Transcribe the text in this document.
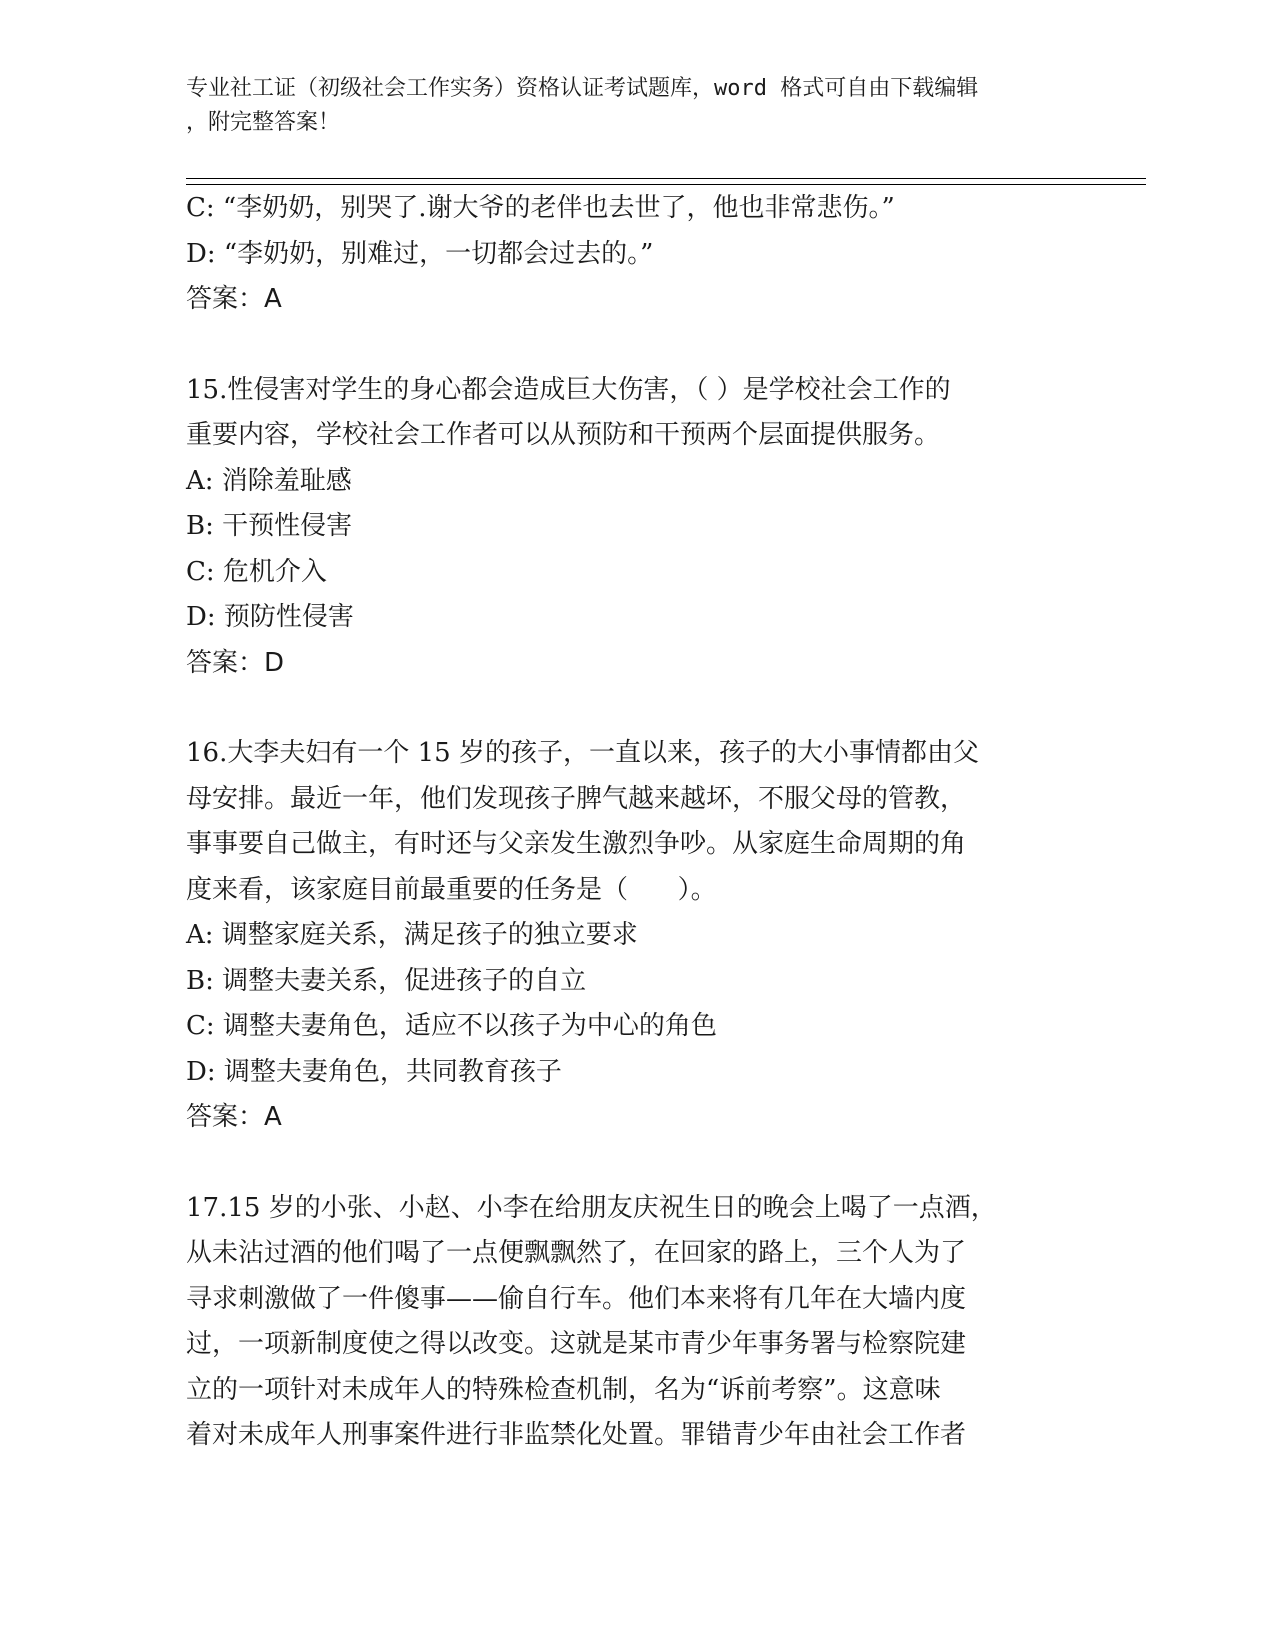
专业社工证（初级社会工作实务）资格认证考试题库，word 格式可自由下载编辑
，附完整答案！
C: “李奶奶，别哭了.谢大爷的老伴也去世了，他也非常悲伤。”
D: “李奶奶，别难过，一切都会过去的。”
答案：A
15.性侵害对学生的身心都会造成巨大伤害，（ ）是学校社会工作的
重要内容，学校社会工作者可以从预防和干预两个层面提供服务。
A: 消除羞耻感
B: 干预性侵害
C: 危机介入
D: 预防性侵害
答案：D
16.大李夫妇有一个 15 岁的孩子，一直以来，孩子的大小事情都由父
母安排。最近一年，他们发现孩子脾气越来越坏，不服父母的管教，
事事要自己做主，有时还与父亲发生激烈争吵。从家庭生命周期的角
度来看，该家庭目前最重要的任务是（      ）。
A: 调整家庭关系，满足孩子的独立要求
B: 调整夫妻关系，促进孩子的自立
C: 调整夫妻角色，适应不以孩子为中心的角色
D: 调整夫妻角色，共同教育孩子
答案：A
17.15 岁的小张、小赵、小李在给朋友庆祝生日的晚会上喝了一点酒，
从未沾过酒的他们喝了一点便飘飘然了，在回家的路上，三个人为了
寻求刺激做了一件傻事——偷自行车。他们本来将有几年在大墙内度
过，一项新制度使之得以改变。这就是某市青少年事务署与检察院建
立的一项针对未成年人的特殊检查机制，名为“诉前考察”。这意味
着对未成年人刑事案件进行非监禁化处置。罪错青少年由社会工作者
